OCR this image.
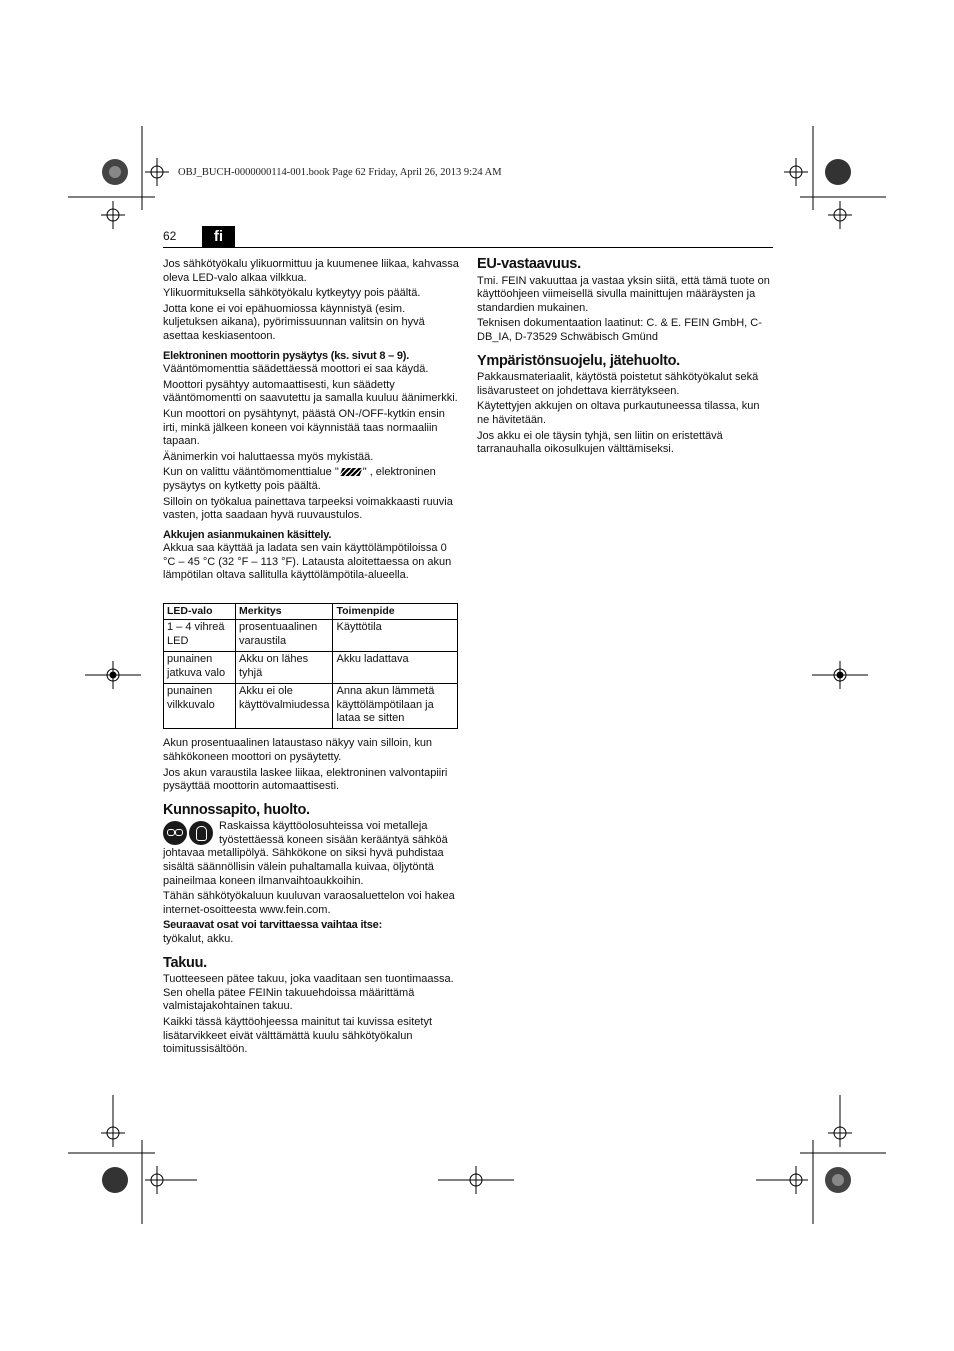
OBJ_BUCH-0000000114-001.book Page 62 Friday, April 26, 2013 9:24 AM
62	fi

Jos sähkötyökalu ylikuormittuu ja kuumenee liikaa, kahvassa oleva LED-valo alkaa vilkkua.

Ylikuormituksella sähkötyökalu kytkeytyy pois päältä.

Jotta kone ei voi epähuomiossa käynnistyä (esim. kuljetuksen aikana), pyörimissuunnan valitsin on hyvä asettaa keskiasentoon.

Elektroninen moottorin pysäytys (ks. sivut 8 – 9).

Vääntömomenttia säädettäessä moottori ei saa käydä.

Moottori pysähtyy automaattisesti, kun säädetty vääntömomentti on saavutettu ja samalla kuuluu äänimerkki.

Kun moottori on pysähtynyt, päästä ON-/OFF-kytkin ensin irti, minkä jälkeen koneen voi käynnistää taas normaaliin tapaan.

Äänimerkin voi haluttaessa myös mykistää.

Kun on valittu vääntömomenttialue " " , elektroninen pysäytys on kytketty pois päältä.

Silloin on työkalua painettava tarpeeksi voimakkaasti ruuvia vasten, jotta saadaan hyvä ruuvaustulos.

Akkujen asianmukainen käsittely.

Akkua saa käyttää ja ladata sen vain käyttölämpötiloissa 0 °C – 45 °C (32 °F – 113 °F). Latausta aloitettaessa on akun lämpötilan oltava sallitulla käyttölämpötila-alueella.

LED-valo	Merkitys	Toimenpide
1 – 4 vihreä LED	prosentuaalinen varaustila	Käyttötila
punainen jatkuva valo	Akku on lähes tyhjä	Akku ladattava
punainen vilkkuvalo	Akku ei ole käyttövalmiudessa	Anna akun lämmetä käyttölämpötilaan ja lataa se sitten

Akun prosentuaalinen lataustaso näkyy vain silloin, kun sähkökoneen moottori on pysäytetty.

Jos akun varaustila laskee liikaa, elektroninen valvontapiiri pysäyttää moottorin automaattisesti.

Kunnossapito, huolto.

Raskaissa käyttöolosuhteissa voi metalleja työstettäessä koneen sisään kerääntyä sähköä johtavaa metallipölyä. Sähkökone on siksi hyvä puhdistaa sisältä säännöllisin välein puhaltamalla kuivaa, öljytöntä paineilmaa koneen ilmanvaihtoaukkoihin.

Tähän sähkötyökaluun kuuluvan varaosaluettelon voi hakea internet-osoitteesta www.fein.com.

Seuraavat osat voi tarvittaessa vaihtaa itse:

työkalut, akku.

Takuu.

Tuotteeseen pätee takuu, joka vaaditaan sen tuontimaassa. Sen ohella pätee FEINin takuuehdoissa määrittämä valmistajakohtainen takuu.

Kaikki tässä käyttöohjeessa mainitut tai kuvissa esitetyt lisätarvikkeet eivät välttämättä kuulu sähkötyökalun toimitussisältöön.

EU-vastaavuus.

Tmi. FEIN vakuuttaa ja vastaa yksin siitä, että tämä tuote on käyttöohjeen viimeisellä sivulla mainittujen määräysten ja standardien mukainen.

Teknisen dokumentaation laatinut: C. & E. FEIN GmbH, C-DB_IA, D-73529 Schwäbisch Gmünd

Ympäristönsuojelu, jätehuolto.

Pakkausmateriaalit, käytöstä poistetut sähkötyökalut sekä lisävarusteet on johdettava kierrätykseen.

Käytettyjen akkujen on oltava purkautuneessa tilassa, kun ne hävitetään.

Jos akku ei ole täysin tyhjä, sen liitin on eristettävä tarranauhalla oikosulkujen välttämiseksi.
